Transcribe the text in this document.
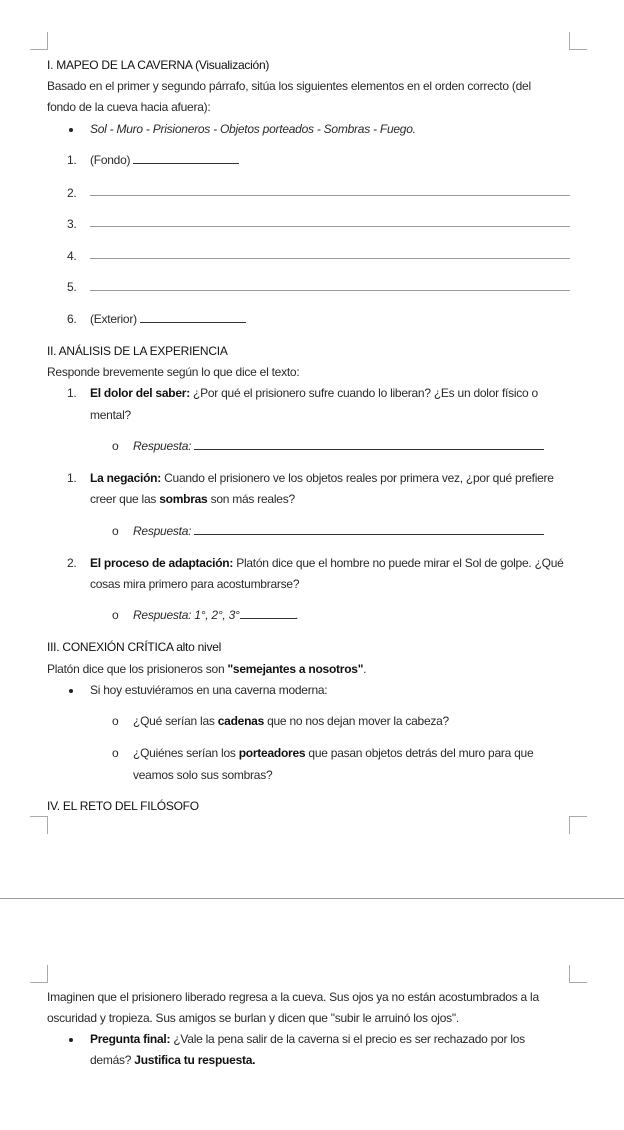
I. MAPEO DE LA CAVERNA (Visualización)
Basado en el primer y segundo párrafo, sitúa los siguientes elementos en el orden correcto (del
fondo de la cueva hacia afuera):
Sol - Muro - Prisioneros - Objetos porteados - Sombras - Fuego.
1. (Fondo)
2.
3.
4.
5.
6. (Exterior)
II. ANÁLISIS DE LA EXPERIENCIA
Responde brevemente según lo que dice el texto:
1. El dolor del saber: ¿Por qué el prisionero sufre cuando lo liberan? ¿Es un dolor físico o
mental?
o Respuesta:
1. La negación: Cuando el prisionero ve los objetos reales por primera vez, ¿por qué prefiere
creer que las sombras son más reales?
o Respuesta:
2. El proceso de adaptación: Platón dice que el hombre no puede mirar el Sol de golpe. ¿Qué
cosas mira primero para acostumbrarse?
o Respuesta: 1°, 2°, 3°	.
III. CONEXIÓN CRÍTICA alto nivel
Platón dice que los prisioneros son "semejantes a nosotros".
Si hoy estuviéramos en una caverna moderna:
o ¿Qué serían las cadenas que no nos dejan mover la cabeza?
o ¿Quiénes serían los porteadores que pasan objetos detrás del muro para que
veamos solo sus sombras?
IV. EL RETO DEL FILÓSOFO
Imaginen que el prisionero liberado regresa a la cueva. Sus ojos ya no están acostumbrados a la
oscuridad y tropieza. Sus amigos se burlan y dicen que "subir le arruinó los ojos".
Pregunta final: ¿Vale la pena salir de la caverna si el precio es ser rechazado por los
demás? Justifica tu respuesta.
